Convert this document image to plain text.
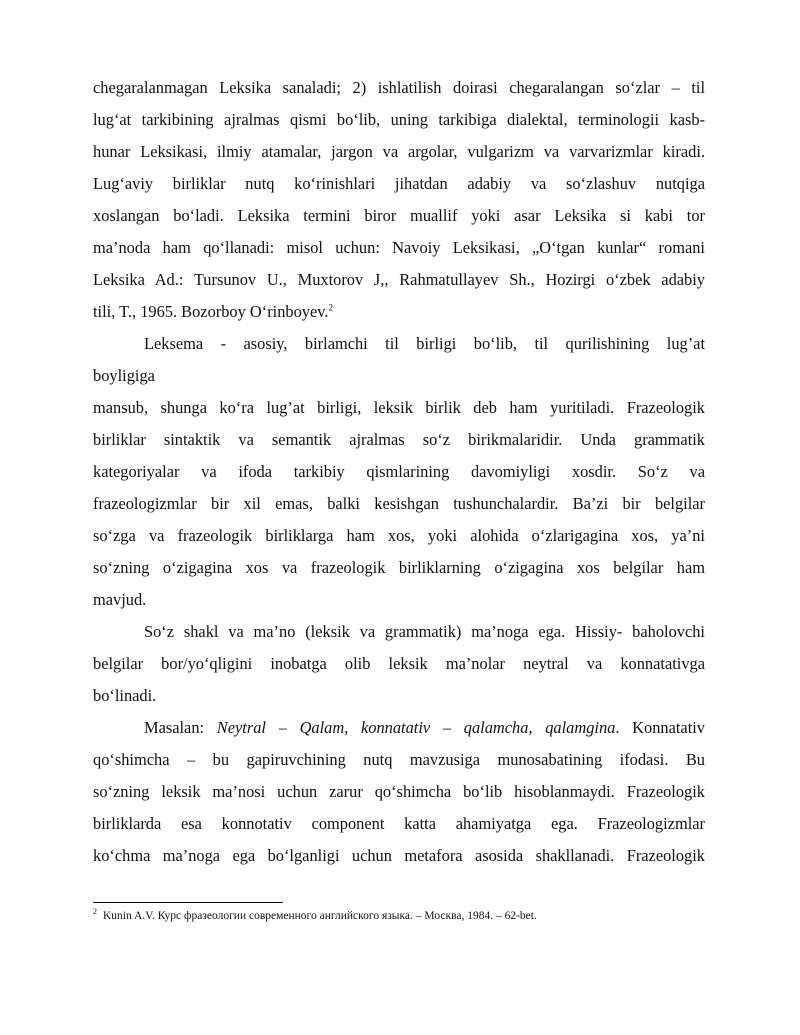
chegaralanmagan Leksika sanaladi; 2) ishlatilish doirasi chegaralangan so‘zlar – til
lug‘at tarkibining ajralmas qismi bo‘lib, uning tarkibiga dialektal, terminologii kasb-
hunar Leksikasi, ilmiy atamalar, jargon va argolar, vulgarizm va varvarizmlar kiradi.
Lug‘aviy birliklar nutq ko‘rinishlari jihatdan adabiy va so‘zlashuv nutqiga
xoslangan bo‘ladi. Leksika termini biror muallif yoki asar Leksika si kabi tor
ma’noda ham qo‘llanadi: misol uchun: Navoiy Leksikasi, „O‘tgan kunlar“ romani
Leksika Ad.: Tursunov U., Muxtorov J,, Rahmatullayev Sh., Hozirgi o‘zbek adabiy
tili, T., 1965. Bozorboy O‘rinboyev.$^2$
Leksema - asosiy, birlamchi til birligi bo‘lib, til qurilishining lug’at
boyligiga
mansub, shunga ko‘ra lug’at birligi, leksik birlik deb ham yuritiladi. Frazeologik
birliklar sintaktik va semantik ajralmas so‘z birikmalaridir. Unda grammatik
kategoriyalar va ifoda tarkibiy qismlarining davomiyligi xosdir. So‘z va
frazeologizmlar bir xil emas, balki kesishgan tushunchalardir. Ba’zi bir belgilar
so‘zga va frazeologik birliklarga ham xos, yoki alohida o‘zlarigagina xos, ya’ni
so‘zning o‘zigagina xos va frazeologik birliklarning o‘zigagina xos belgilar ham
mavjud.
So‘z shakl va ma’no (leksik va grammatik) ma’noga ega. Hissiy- baholovchi
belgilar bor/yo‘qligini inobatga olib leksik ma’nolar neytral va konnatativga
bo‘linadi.
Masalan: Neytral – Qalam, konnatativ – qalamcha, qalamgina. Konnatativ
qo‘shimcha – bu gapiruvchining nutq mavzusiga munosabatining ifodasi. Bu
so‘zning leksik ma’nosi uchun zarur qo‘shimcha bo‘lib hisoblanmaydi. Frazeologik
birliklarda esa konnotativ component katta ahamiyatga ega. Frazeologizmlar
ko‘chma ma’noga ega bo‘lganligi uchun metafora asosida shakllanadi. Frazeologik
$^2$ Kunin A.V. Курс фразеологии современного английского языка. – Москва, 1984. – 62-bet.
